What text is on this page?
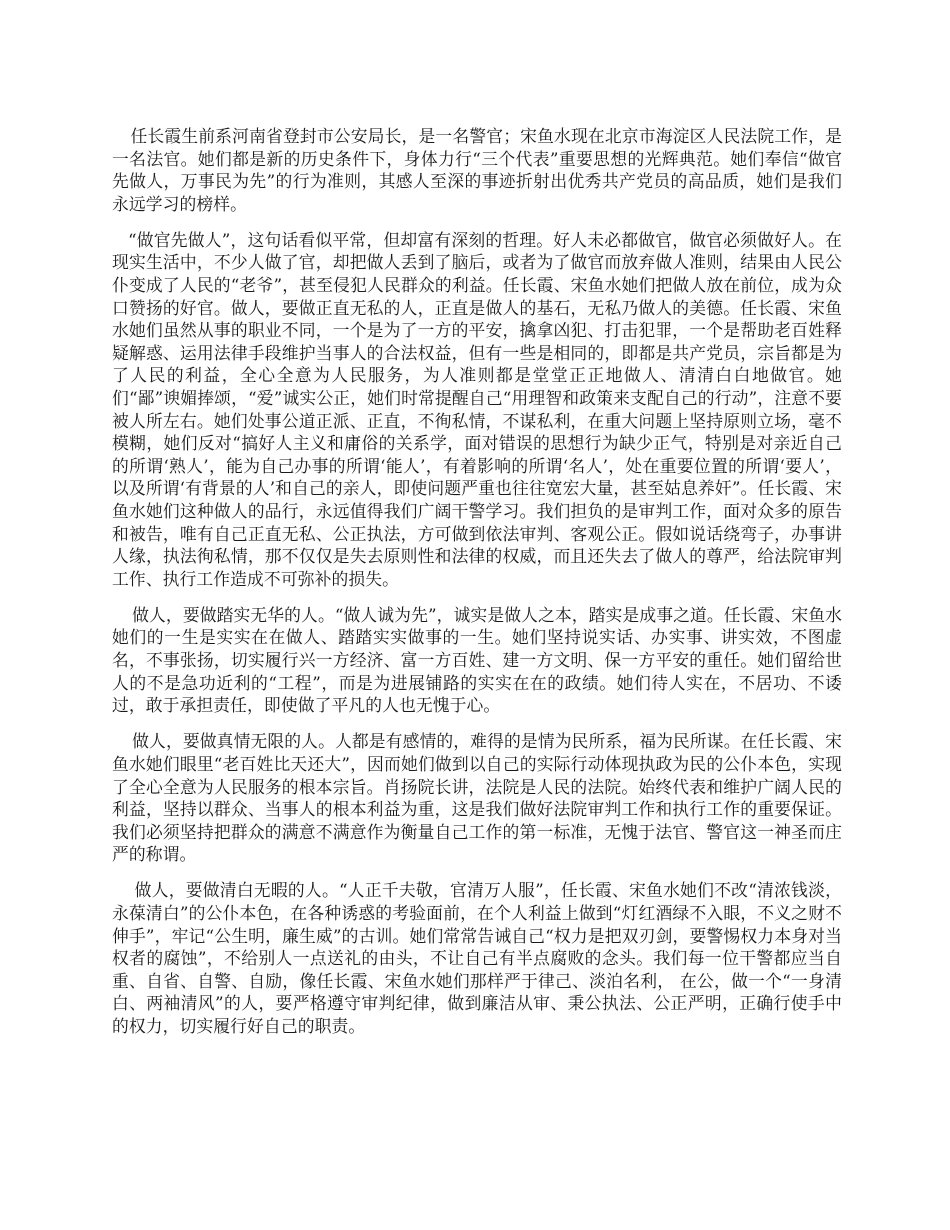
任长霞生前系河南省登封市公安局长，是一名警官；宋鱼水现在北京市海淀区人民法院工作，是一名法官。她们都是新的历史条件下，身体力行“三个代表”重要思想的光辉典范。她们奉信“做官先做人，万事民为先”的行为准则，其感人至深的事迹折射出优秀共产党员的高品质，她们是我们永远学习的榜样。

“做官先做人”，这句话看似平常，但却富有深刻的哲理。好人未必都做官，做官必须做好人。在现实生活中，不少人做了官，却把做人丢到了脑后，或者为了做官而放弃做人准则，结果由人民公仆变成了人民的“老爷”，甚至侵犯人民群众的利益。任长霞、宋鱼水她们把做人放在前位，成为众口赞扬的好官。做人，要做正直无私的人，正直是做人的基石，无私乃做人的美德。任长霞、宋鱼水她们虽然从事的职业不同，一个是为了一方的平安，擒拿凶犯、打击犯罪，一个是帮助老百姓释疑解惑、运用法律手段维护当事人的合法权益，但有一些是相同的，即都是共产党员，宗旨都是为了人民的利益，全心全意为人民服务，为人准则都是堂堂正正地做人、清清白白地做官。她们“鄙”谀媚捧颂，“爱”诚实公正，她们时常提醒自己“用理智和政策来支配自己的行动”，注意不要被人所左右。她们处事公道正派、正直，不徇私情，不谋私利，在重大问题上坚持原则立场，毫不模糊，她们反对“搞好人主义和庸俗的关系学，面对错误的思想行为缺少正气，特别是对亲近自己的所谓‘熟人’，能为自己办事的所谓‘能人’，有着影响的所谓‘名人’，处在重要位置的所谓‘要人’，以及所谓‘有背景的人’和自己的亲人，即使问题严重也往往宽宏大量，甚至姑息养奸”。任长霞、宋鱼水她们这种做人的品行，永远值得我们广阔干警学习。我们担负的是审判工作，面对众多的原告和被告，唯有自己正直无私、公正执法，方可做到依法审判、客观公正。假如说话绕弯子，办事讲人缘，执法徇私情，那不仅仅是失去原则性和法律的权威，而且还失去了做人的尊严，给法院审判工作、执行工作造成不可弥补的损失。

做人，要做踏实无华的人。“做人诚为先”，诚实是做人之本，踏实是成事之道。任长霞、宋鱼水她们的一生是实实在在做人、踏踏实实做事的一生。她们坚持说实话、办实事、讲实效，不图虚名，不事张扬，切实履行兴一方经济、富一方百姓、建一方文明、保一方平安的重任。她们留给世人的不是急功近利的“工程”，而是为进展铺路的实实在在的政绩。她们待人实在，不居功、不诿过，敢于承担责任，即使做了平凡的人也无愧于心。

做人，要做真情无限的人。人都是有感情的，难得的是情为民所系，福为民所谋。在任长霞、宋鱼水她们眼里“老百姓比天还大”，因而她们做到以自己的实际行动体现执政为民的公仆本色，实现了全心全意为人民服务的根本宗旨。肖扬院长讲，法院是人民的法院。始终代表和维护广阔人民的利益，坚持以群众、当事人的根本利益为重，这是我们做好法院审判工作和执行工作的重要保证。我们必须坚持把群众的满意不满意作为衡量自己工作的第一标准，无愧于法官、警官这一神圣而庄严的称谓。

做人，要做清白无暇的人。“人正千夫敬，官清万人服”，任长霞、宋鱼水她们不改“清浓钱淡，永葆清白”的公仆本色，在各种诱惑的考验面前，在个人利益上做到“灯红酒绿不入眼，不义之财不伸手”，牢记“公生明，廉生威”的古训。她们常常告诫自己“权力是把双刃剑，要警惕权力本身对当权者的腐蚀”，不给别人一点送礼的由头，不让自己有半点腐败的念头。我们每一位干警都应当自重、自省、自警、自励，像任长霞、宋鱼水她们那样严于律己、淡泊名利， 在公，做一个“一身清白、两袖清风”的人，要严格遵守审判纪律，做到廉洁从审、秉公执法、公正严明，正确行使手中的权力，切实履行好自己的职责。
